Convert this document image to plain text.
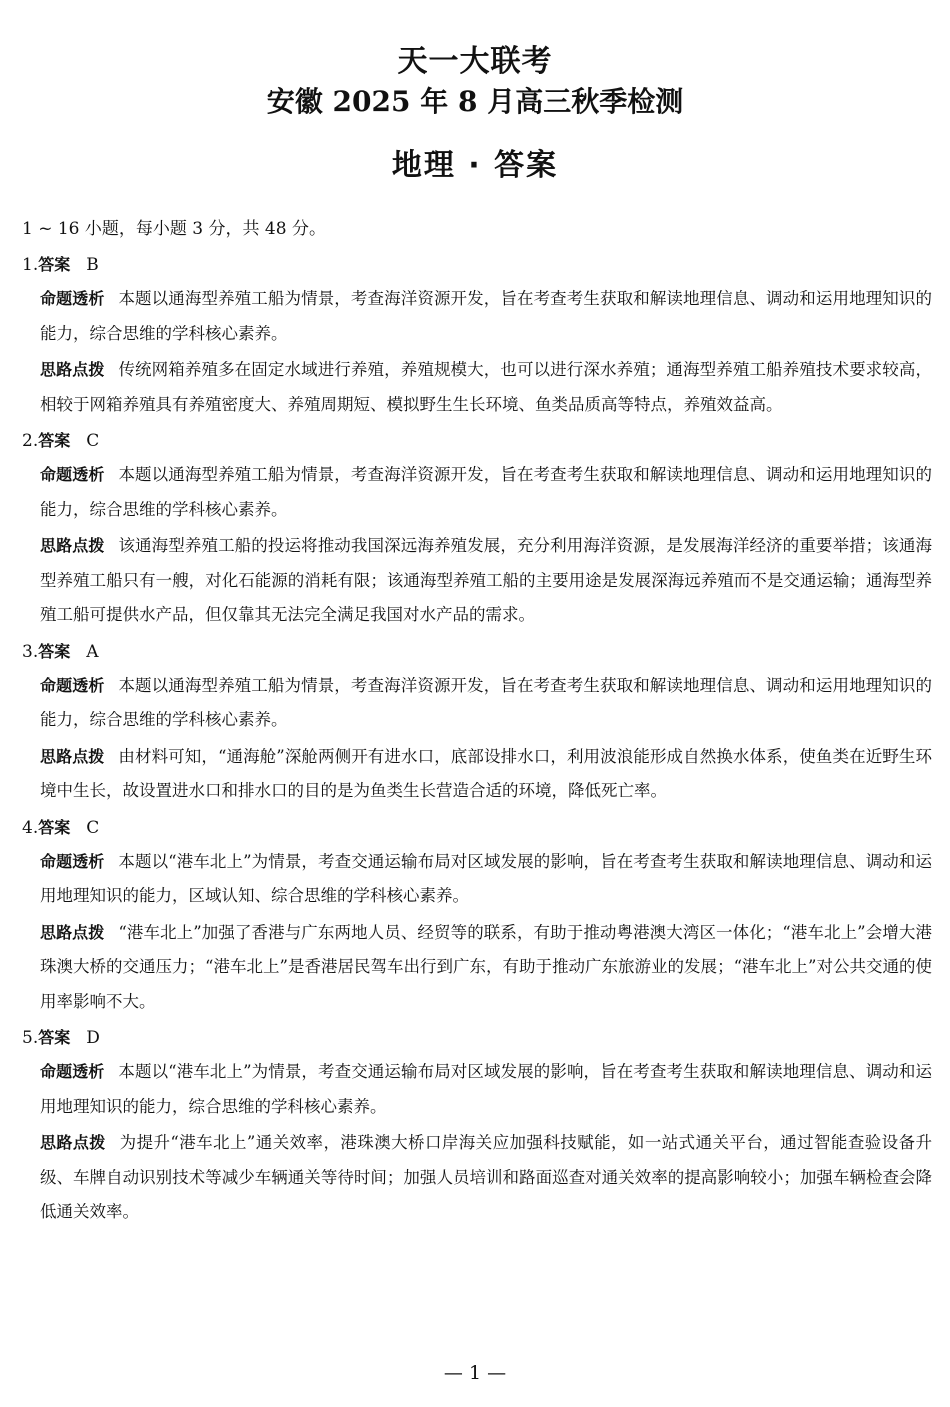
天一大联考
安徽 2025 年 8 月高三秋季检测
地理 · 答案
1 ~ 16 小题，每小题 3 分，共 48 分。
1.答案 B
命题透析 本题以通海型养殖工船为情景，考查海洋资源开发，旨在考查考生获取和解读地理信息、调动和运用地理知识的能力，综合思维的学科核心素养。
思路点拨 传统网箱养殖多在固定水域进行养殖，养殖规模大，也可以进行深水养殖；通海型养殖工船养殖技术要求较高，相较于网箱养殖具有养殖密度大、养殖周期短、模拟野生生长环境、鱼类品质高等特点，养殖效益高。
2.答案 C
命题透析 本题以通海型养殖工船为情景，考查海洋资源开发，旨在考查考生获取和解读地理信息、调动和运用地理知识的能力，综合思维的学科核心素养。
思路点拨 该通海型养殖工船的投运将推动我国深远海养殖发展，充分利用海洋资源，是发展海洋经济的重要举措；该通海型养殖工船只有一艘，对化石能源的消耗有限；该通海型养殖工船的主要用途是发展深海远养殖而不是交通运输；通海型养殖工船可提供水产品，但仅靠其无法完全满足我国对水产品的需求。
3.答案 A
命题透析 本题以通海型养殖工船为情景，考查海洋资源开发，旨在考查考生获取和解读地理信息、调动和运用地理知识的能力，综合思维的学科核心素养。
思路点拨 由材料可知，“通海舱”深舱两侧开有进水口，底部设排水口，利用波浪能形成自然换水体系，使鱼类在近野生环境中生长，故设置进水口和排水口的目的是为鱼类生长营造合适的环境，降低死亡率。
4.答案 C
命题透析 本题以“港车北上”为情景，考查交通运输布局对区域发展的影响，旨在考查考生获取和解读地理信息、调动和运用地理知识的能力，区域认知、综合思维的学科核心素养。
思路点拨 “港车北上”加强了香港与广东两地人员、经贸等的联系，有助于推动粤港澳大湾区一体化；“港车北上”会增大港珠澳大桥的交通压力；“港车北上”是香港居民驾车出行到广东，有助于推动广东旅游业的发展；“港车北上”对公共交通的使用率影响不大。
5.答案 D
命题透析 本题以“港车北上”为情景，考查交通运输布局对区域发展的影响，旨在考查考生获取和解读地理信息、调动和运用地理知识的能力，综合思维的学科核心素养。
思路点拨 为提升“港车北上”通关效率，港珠澳大桥口岸海关应加强科技赋能，如一站式通关平台，通过智能查验设备升级、车牌自动识别技术等减少车辆通关等待时间；加强人员培训和路面巡查对通关效率的提高影响较小；加强车辆检查会降低通关效率。
— 1 —
